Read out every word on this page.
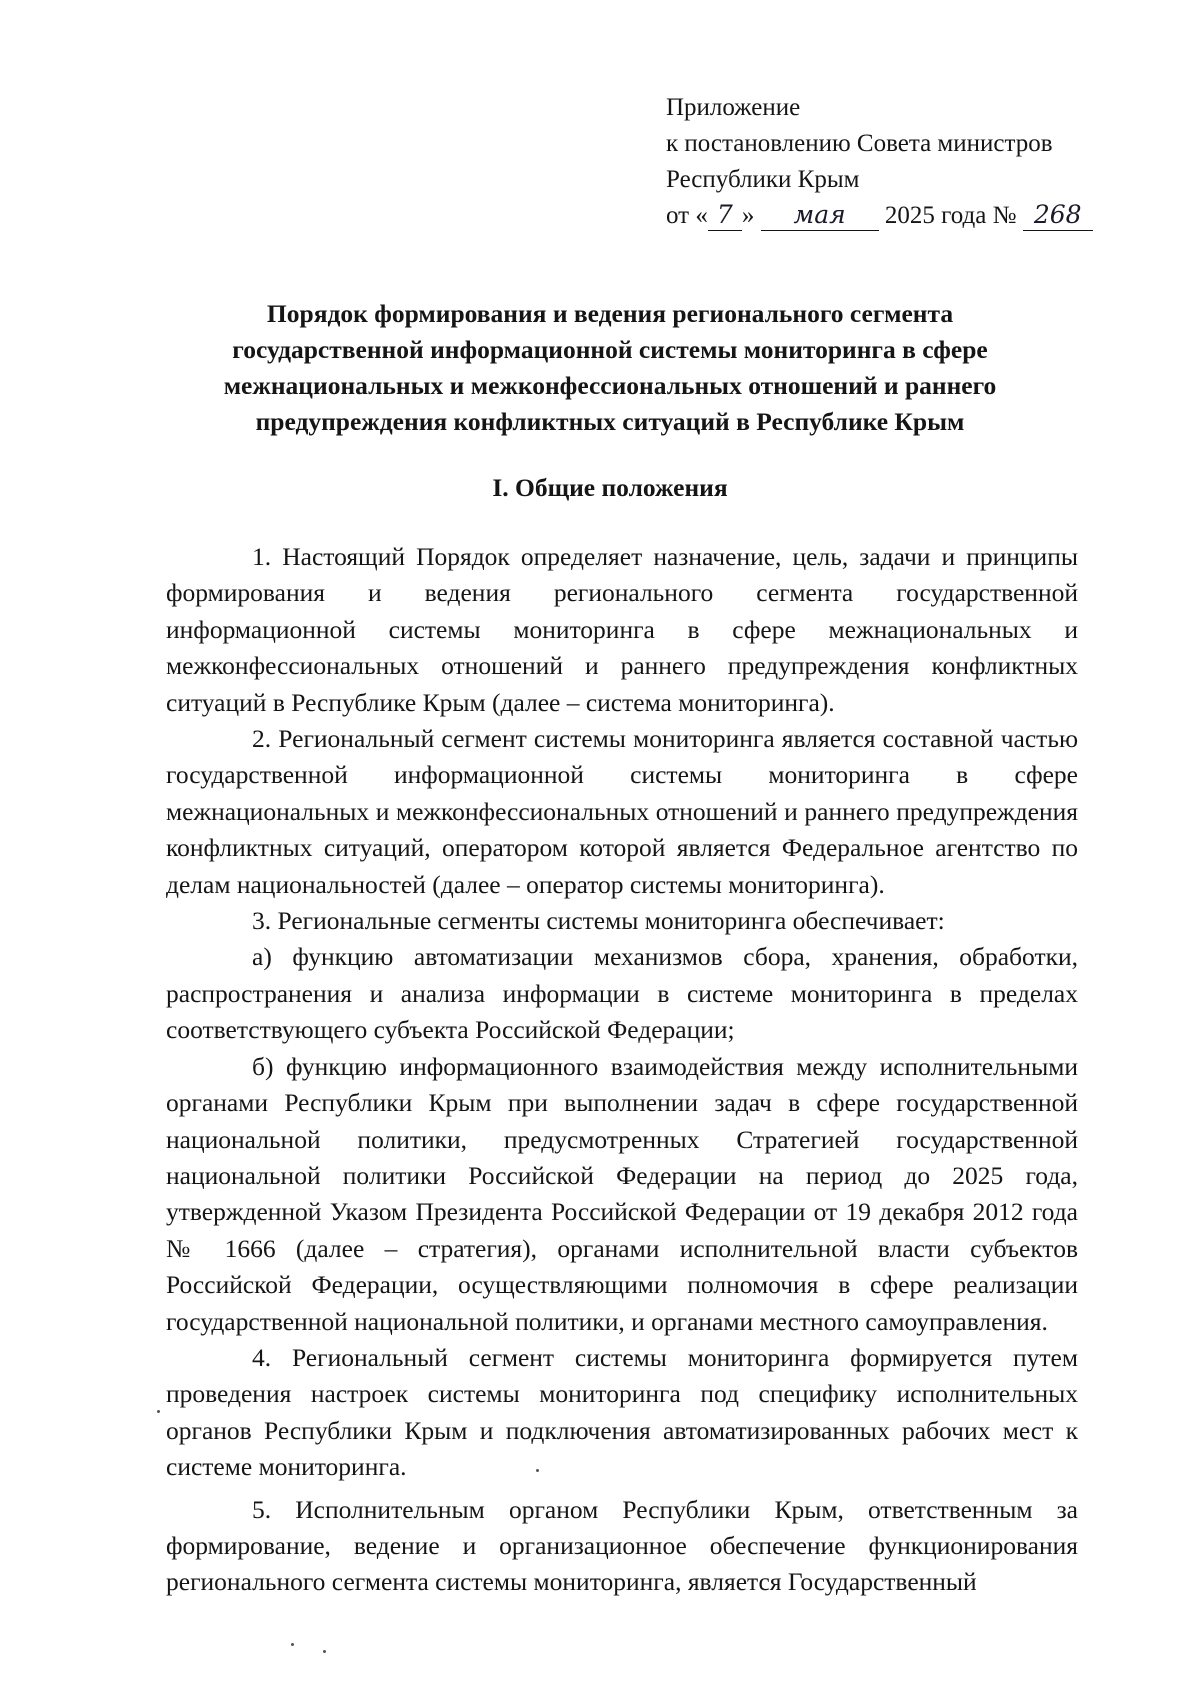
Приложение
к постановлению Совета министров
Республики Крым
от « 7 » мая 2025 года № 268
Порядок формирования и ведения регионального сегмента
государственной информационной системы мониторинга в сфере
межнациональных и межконфессиональных отношений и раннего
предупреждения конфликтных ситуаций в Республике Крым
I. Общие положения

1. Настоящий Порядок определяет назначение, цель, задачи и принципы формирования и ведения регионального сегмента государственной информационной системы мониторинга в сфере межнациональных и межконфессиональных отношений и раннего предупреждения конфликтных ситуаций в Республике Крым (далее – система мониторинга).

2. Региональный сегмент системы мониторинга является составной частью государственной информационной системы мониторинга в сфере межнациональных и межконфессиональных отношений и раннего предупреждения конфликтных ситуаций, оператором которой является Федеральное агентство по делам национальностей (далее – оператор системы мониторинга).

3. Региональные сегменты системы мониторинга обеспечивает:

а) функцию автоматизации механизмов сбора, хранения, обработки, распространения и анализа информации в системе мониторинга в пределах соответствующего субъекта Российской Федерации;

б) функцию информационного взаимодействия между исполнительными органами Республики Крым при выполнении задач в сфере государственной национальной политики, предусмотренных Стратегией государственной национальной политики Российской Федерации на период до 2025 года, утвержденной Указом Президента Российской Федерации от 19 декабря 2012 года № 1666 (далее – стратегия), органами исполнительной власти субъектов Российской Федерации, осуществляющими полномочия в сфере реализации государственной национальной политики, и органами местного самоуправления.

4. Региональный сегмент системы мониторинга формируется путем проведения настроек системы мониторинга под специфику исполнительных органов Республики Крым и подключения автоматизированных рабочих мест к системе мониторинга.

5. Исполнительным органом Республики Крым, ответственным за формирование, ведение и организационное обеспечение функционирования регионального сегмента системы мониторинга, является Государственный
